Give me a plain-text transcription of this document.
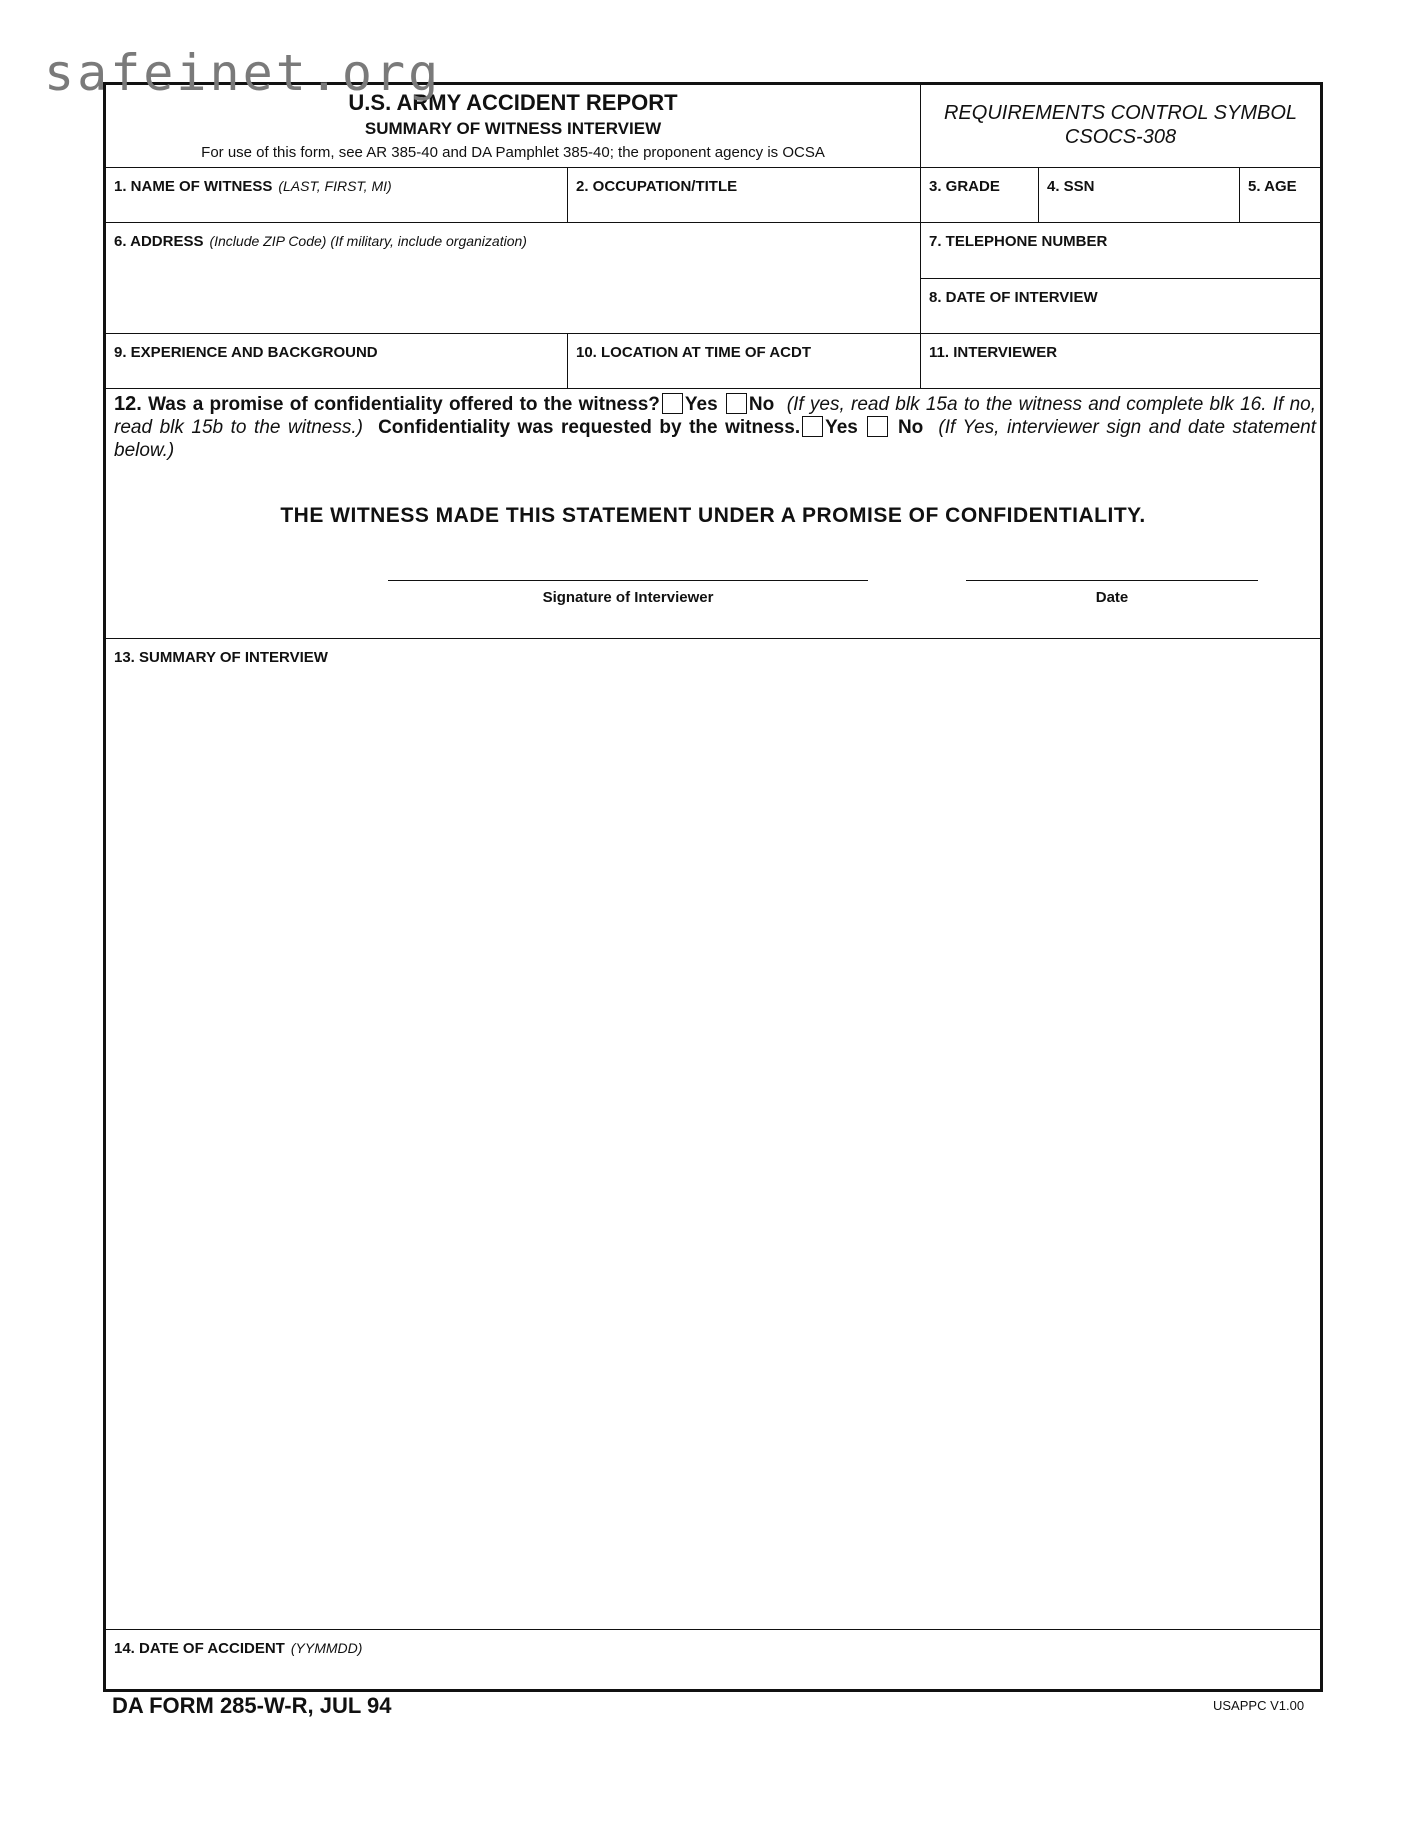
safeinet.org
U.S. ARMY ACCIDENT REPORT
SUMMARY OF WITNESS INTERVIEW
For use of this form, see AR 385-40 and DA Pamphlet 385-40; the proponent agency is OCSA
REQUIREMENTS CONTROL SYMBOL
CSOCS-308
1. NAME OF WITNESS (LAST, FIRST, MI)	2. OCCUPATION/TITLE	3. GRADE	4. SSN	5. AGE
6. ADDRESS (Include ZIP Code) (If military, include organization)	7. TELEPHONE NUMBER
8. DATE OF INTERVIEW
9. EXPERIENCE AND BACKGROUND	10. LOCATION AT TIME OF ACDT	11. INTERVIEWER
12. Was a promise of confidentiality offered to the witness? Yes No (If yes, read blk 15a to the witness and complete blk 16. If no, read blk 15b to the witness.) Confidentiality was requested by the witness. Yes No (If Yes, interviewer sign and date statement below.)
THE WITNESS MADE THIS STATEMENT UNDER A PROMISE OF CONFIDENTIALITY.
Signature of Interviewer	Date
13. SUMMARY OF INTERVIEW
14. DATE OF ACCIDENT (YYMMDD)
DA FORM 285-W-R, JUL 94	USAPPC V1.00
